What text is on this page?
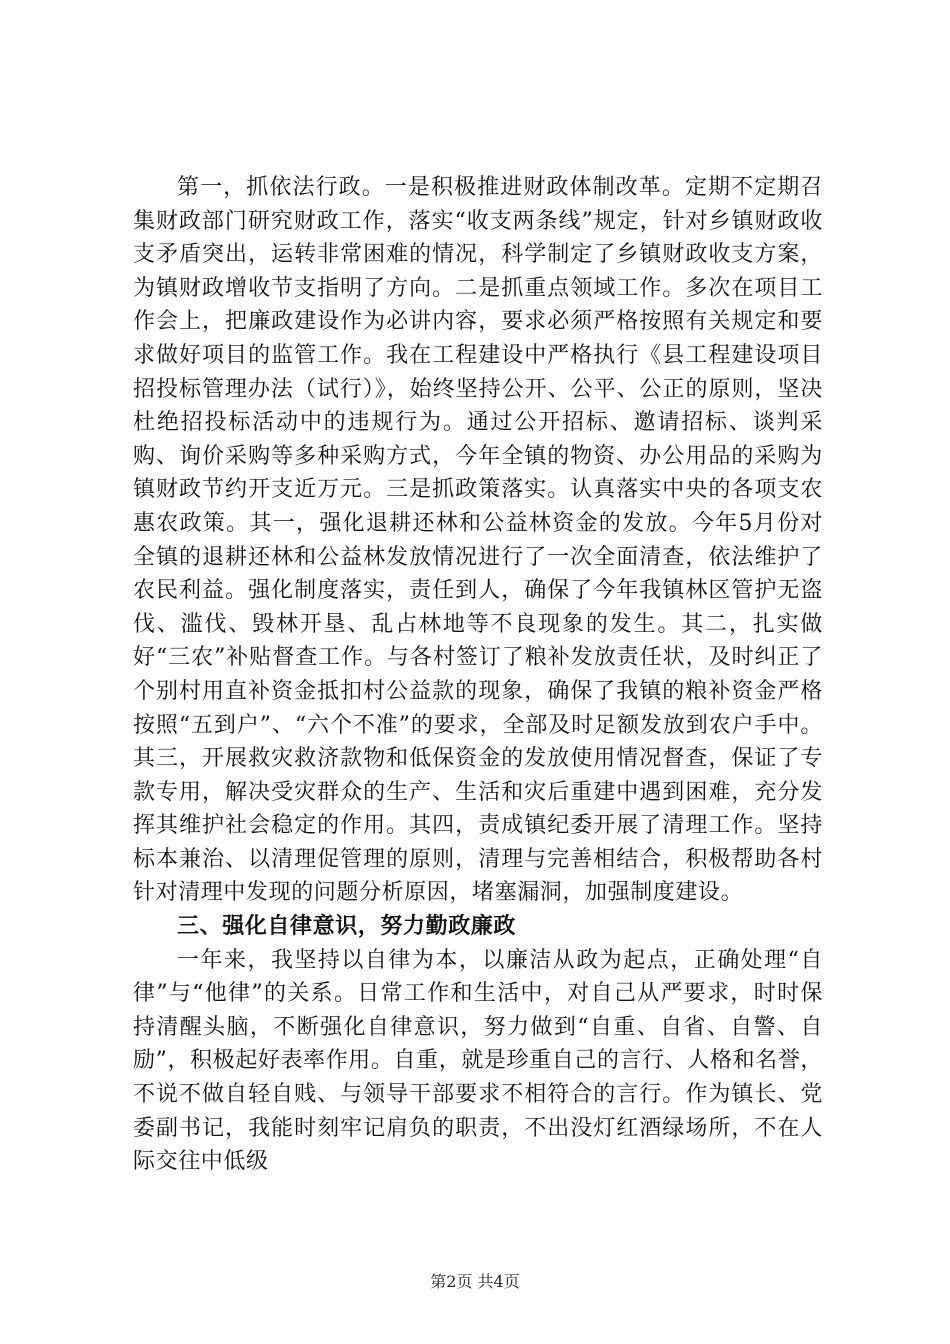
第一，抓依法行政。一是积极推进财政体制改革。定期不定期召集财政部门研究财政工作，落实“收支两条线”规定，针对乡镇财政收支矛盾突出，运转非常困难的情况，科学制定了乡镇财政收支方案，为镇财政增收节支指明了方向。二是抓重点领域工作。多次在项目工作会上，把廉政建设作为必讲内容，要求必须严格按照有关规定和要求做好项目的监管工作。我在工程建设中严格执行《县工程建设项目招投标管理办法（试行）》，始终坚持公开、公平、公正的原则，坚决杜绝招投标活动中的违规行为。通过公开招标、邀请招标、谈判采购、询价采购等多种采购方式，今年全镇的物资、办公用品的采购为镇财政节约开支近万元。三是抓政策落实。认真落实中央的各项支农惠农政策。其一，强化退耕还林和公益林资金的发放。今年5月份对全镇的退耕还林和公益林发放情况进行了一次全面清查，依法维护了农民利益。强化制度落实，责任到人，确保了今年我镇林区管护无盗伐、滥伐、毁林开垦、乱占林地等不良现象的发生。其二，扎实做好“三农”补贴督查工作。与各村签订了粮补发放责任状，及时纠正了个别村用直补资金抵扣村公益款的现象，确保了我镇的粮补资金严格按照“五到户”、“六个不准”的要求，全部及时足额发放到农户手中。其三，开展救灾救济款物和低保资金的发放使用情况督查，保证了专款专用，解决受灾群众的生产、生活和灾后重建中遇到困难，充分发挥其维护社会稳定的作用。其四，责成镇纪委开展了清理工作。坚持标本兼治、以清理促管理的原则，清理与完善相结合，积极帮助各村针对清理中发现的问题分析原因，堵塞漏洞，加强制度建设。

三、强化自律意识，努力勤政廉政

一年来，我坚持以自律为本，以廉洁从政为起点，正确处理“自律”与“他律”的关系。日常工作和生活中，对自己从严要求，时时保持清醒头脑，不断强化自律意识，努力做到“自重、自省、自警、自励”，积极起好表率作用。自重，就是珍重自己的言行、人格和名誉，不说不做自轻自贱、与领导干部要求不相符合的言行。作为镇长、党委副书记，我能时刻牢记肩负的职责，不出没灯红酒绿场所，不在人际交往中低级

第2页 共4页
